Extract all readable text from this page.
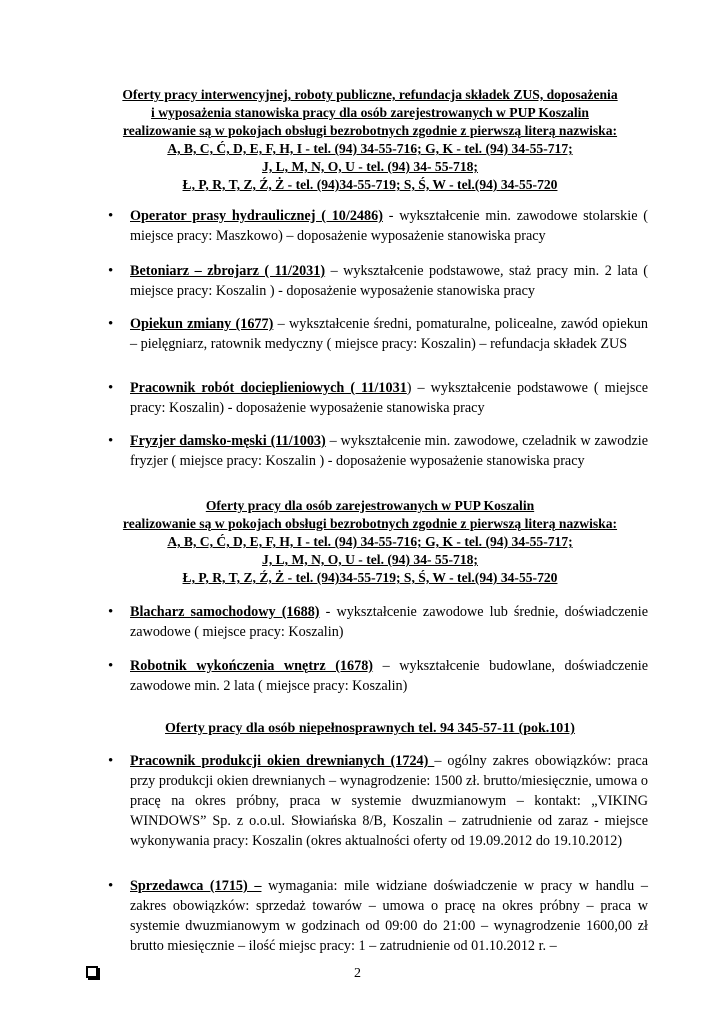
Oferty pracy interwencyjnej, roboty publiczne, refundacja składek ZUS, doposażenia
i wyposażenia stanowiska pracy dla osób zarejestrowanych w PUP Koszalin
realizowanie są w pokojach obsługi bezrobotnych zgodnie z pierwszą literą nazwiska:
A, B, C, Ć, D, E, F, H, I - tel. (94) 34-55-716; G, K - tel. (94) 34-55-717;
J, L, M, N, O, U - tel. (94) 34- 55-718;
Ł, P, R, T, Z, Ź, Ż - tel. (94)34-55-719; S, Ś, W - tel.(94) 34-55-720
• Operator prasy hydraulicznej ( 10/2486) - wykształcenie min. zawodowe stolarskie ( miejsce pracy: Maszkowo) – doposażenie wyposażenie stanowiska pracy
• Betoniarz – zbrojarz ( 11/2031) – wykształcenie podstawowe, staż pracy min. 2 lata ( miejsce pracy: Koszalin ) - doposażenie wyposażenie stanowiska pracy
• Opiekun zmiany (1677) – wykształcenie średni, pomaturalne, policealne, zawód opiekun – pielęgniarz, ratownik medyczny ( miejsce pracy: Koszalin) – refundacja składek ZUS
• Pracownik robót docieplieniowych ( 11/1031) – wykształcenie podstawowe ( miejsce pracy: Koszalin) - doposażenie wyposażenie stanowiska pracy
• Fryzjer damsko-męski (11/1003) – wykształcenie min. zawodowe, czeladnik w zawodzie fryzjer ( miejsce pracy: Koszalin ) - doposażenie wyposażenie stanowiska pracy
Oferty pracy dla osób zarejestrowanych w PUP Koszalin
realizowanie są w pokojach obsługi bezrobotnych zgodnie z pierwszą literą nazwiska:
A, B, C, Ć, D, E, F, H, I - tel. (94) 34-55-716; G, K - tel. (94) 34-55-717;
J, L, M, N, O, U - tel. (94) 34- 55-718;
Ł, P, R, T, Z, Ź, Ż - tel. (94)34-55-719; S, Ś, W - tel.(94) 34-55-720
• Blacharz samochodowy (1688) - wykształcenie zawodowe lub średnie, doświadczenie zawodowe ( miejsce pracy: Koszalin)
• Robotnik wykończenia wnętrz (1678) – wykształcenie budowlane, doświadczenie zawodowe min. 2 lata ( miejsce pracy: Koszalin)
Oferty pracy dla osób niepełnosprawnych tel. 94 345-57-11 (pok.101)
• Pracownik produkcji okien drewnianych (1724) – ogólny zakres obowiązków: praca przy produkcji okien drewnianych – wynagrodzenie: 1500 zł. brutto/miesięcznie, umowa o pracę na okres próbny, praca w systemie dwuzmianowym – kontakt: „VIKING WINDOWS” Sp. z o.o.ul. Słowiańska 8/B, Koszalin – zatrudnienie od zaraz - miejsce wykonywania pracy: Koszalin (okres aktualności oferty od 19.09.2012 do 19.10.2012)
• Sprzedawca (1715) – wymagania: mile widziane doświadczenie w pracy w handlu – zakres obowiązków: sprzedaż towarów – umowa o pracę na okres próbny – praca w systemie dwuzmianowym w godzinach od 09:00 do 21:00 – wynagrodzenie 1600,00 zł brutto miesięcznie – ilość miejsc pracy: 1 – zatrudnienie od 01.10.2012 r. –
2
